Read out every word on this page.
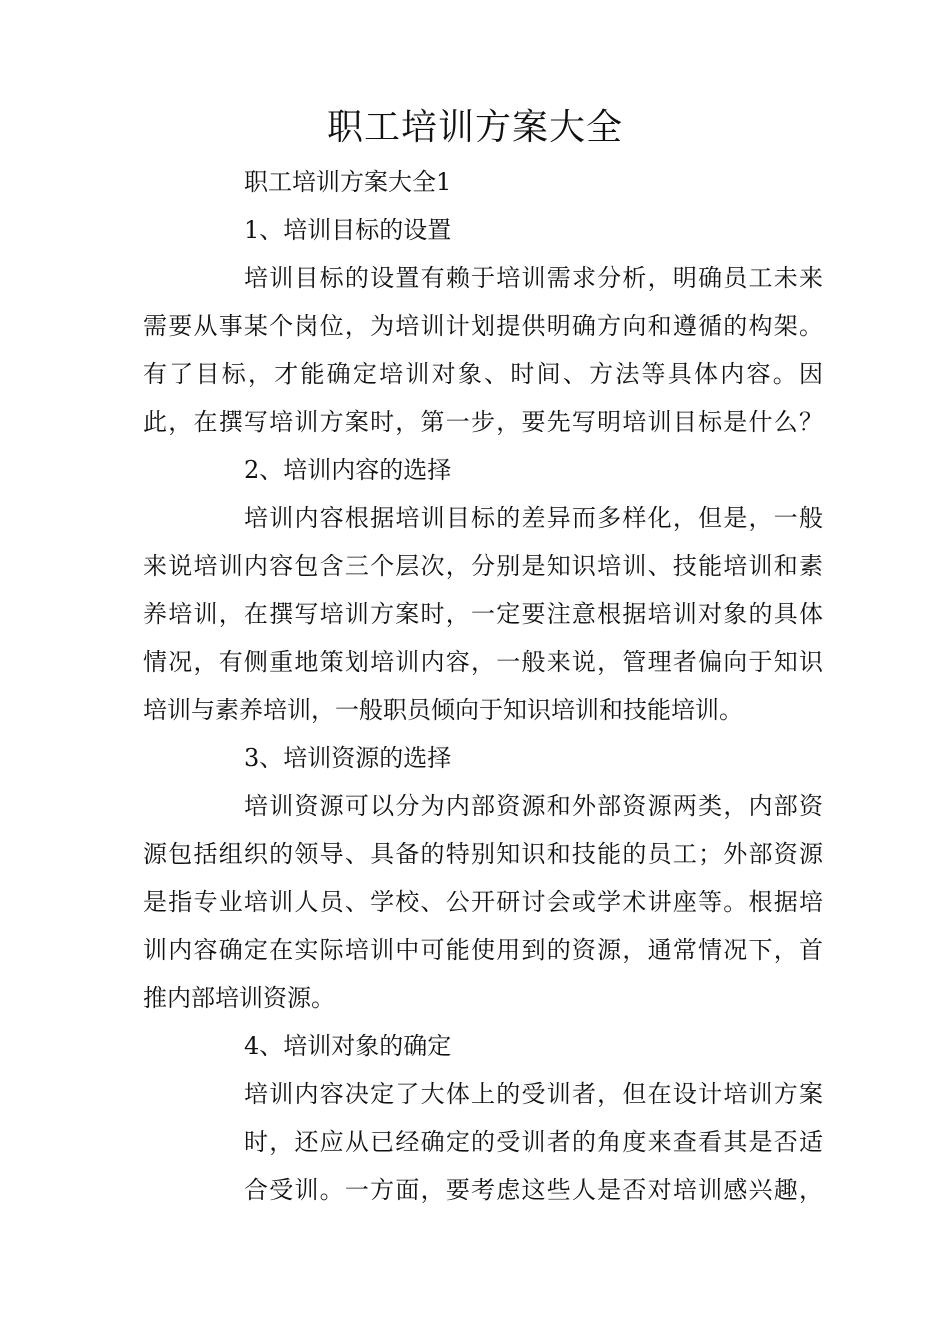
职工培训方案大全

职工培训方案大全1

1、培训目标的设置

培训目标的设置有赖于培训需求分析，明确员工未来

需要从事某个岗位，为培训计划提供明确方向和遵循的构架。

有了目标，才能确定培训对象、时间、方法等具体内容。因

此，在撰写培训方案时，第一步，要先写明培训目标是什么？

2、培训内容的选择

培训内容根据培训目标的差异而多样化，但是，一般

来说培训内容包含三个层次，分别是知识培训、技能培训和素

养培训，在撰写培训方案时，一定要注意根据培训对象的具体

情况，有侧重地策划培训内容，一般来说，管理者偏向于知识

培训与素养培训，一般职员倾向于知识培训和技能培训。

3、培训资源的选择

培训资源可以分为内部资源和外部资源两类，内部资

源包括组织的领导、具备的特别知识和技能的员工；外部资源

是指专业培训人员、学校、公开研讨会或学术讲座等。根据培

训内容确定在实际培训中可能使用到的资源，通常情况下，首

推内部培训资源。

4、培训对象的确定

培训内容决定了大体上的受训者，但在设计培训方案

时，还应从已经确定的受训者的角度来查看其是否适

合受训。一方面，要考虑这些人是否对培训感兴趣，
